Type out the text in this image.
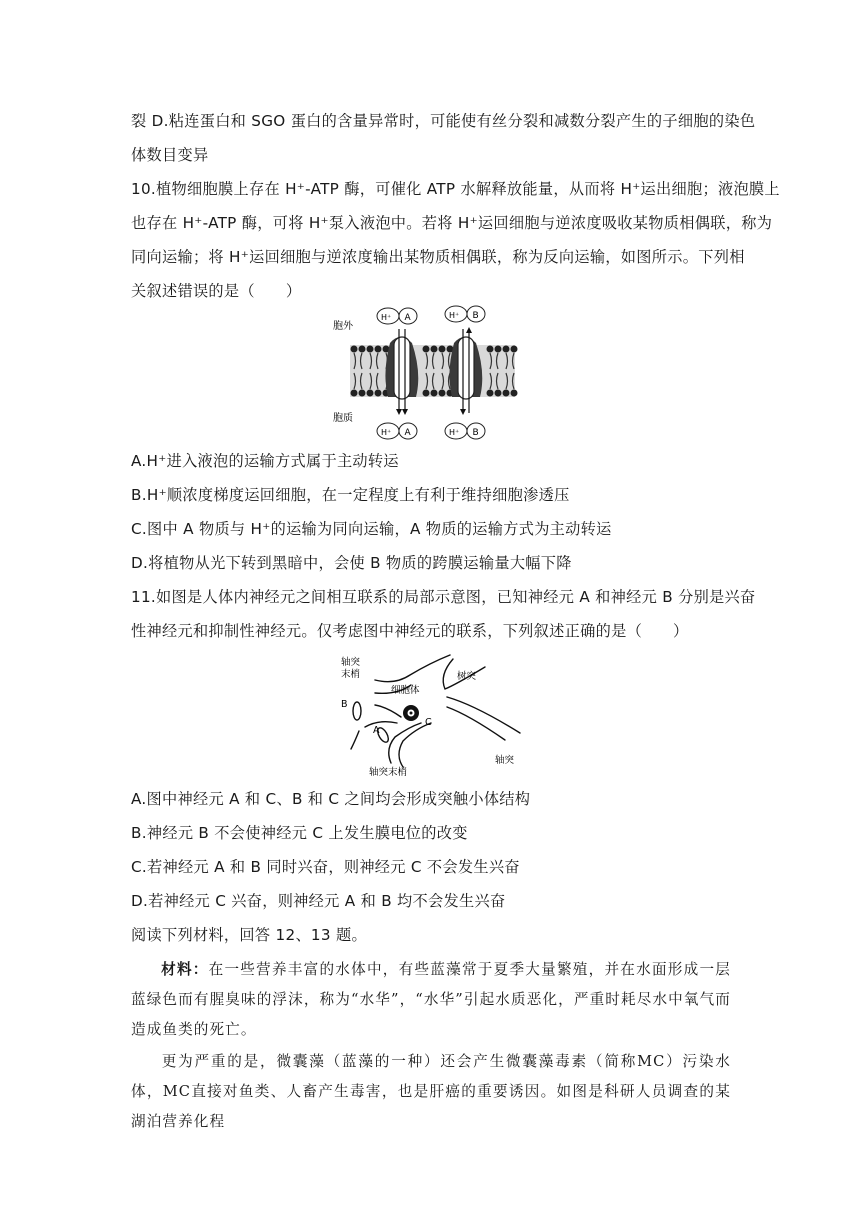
裂 D.粘连蛋白和 SGO 蛋白的含量异常时，可能使有丝分裂和减数分裂产生的子细胞的染色
体数目变异
10.植物细胞膜上存在 H⁺-ATP 酶，可催化 ATP 水解释放能量，从而将 H⁺运出细胞；液泡膜上
也存在 H⁺-ATP 酶，可将 H⁺泵入液泡中。若将 H⁺运回细胞与逆浓度吸收某物质相偶联，称为
同向运输；将 H⁺运回细胞与逆浓度输出某物质相偶联，称为反向运输，如图所示。下列相
关叙述错误的是（　　）
胞外
胞质
H⁺ A	H⁺ B
H⁺ A	H⁺ B
A.H⁺进入液泡的运输方式属于主动转运
B.H⁺顺浓度梯度运回细胞，在一定程度上有利于维持细胞渗透压
C.图中 A 物质与 H⁺的运输为同向运输，A 物质的运输方式为主动转运
D.将植物从光下转到黑暗中，会使 B 物质的跨膜运输量大幅下降
11.如图是人体内神经元之间相互联系的局部示意图，已知神经元 A 和神经元 B 分别是兴奋
性神经元和抑制性神经元。仅考虑图中神经元的联系，下列叙述正确的是（　　）
轴突
末梢
细胞体
树突
B
A
C
轴突末梢
轴突
A.图中神经元 A 和 C、B 和 C 之间均会形成突触小体结构
B.神经元 B 不会使神经元 C 上发生膜电位的改变
C.若神经元 A 和 B 同时兴奋，则神经元 C 不会发生兴奋
D.若神经元 C 兴奋，则神经元 A 和 B 均不会发生兴奋
阅读下列材料，回答 12、13 题。
材料：在一些营养丰富的水体中，有些蓝藻常于夏季大量繁殖，并在水面形成一层蓝绿色而有腥臭味的浮沫，称为“水华”，“水华”引起水质恶化，严重时耗尽水中氧气而造成鱼类的死亡。
更为严重的是，微囊藻（蓝藻的一种）还会产生微囊藻毒素（简称MC）污染水体，MC直接对鱼类、人畜产生毒害，也是肝癌的重要诱因。如图是科研人员调查的某湖泊营养化程
